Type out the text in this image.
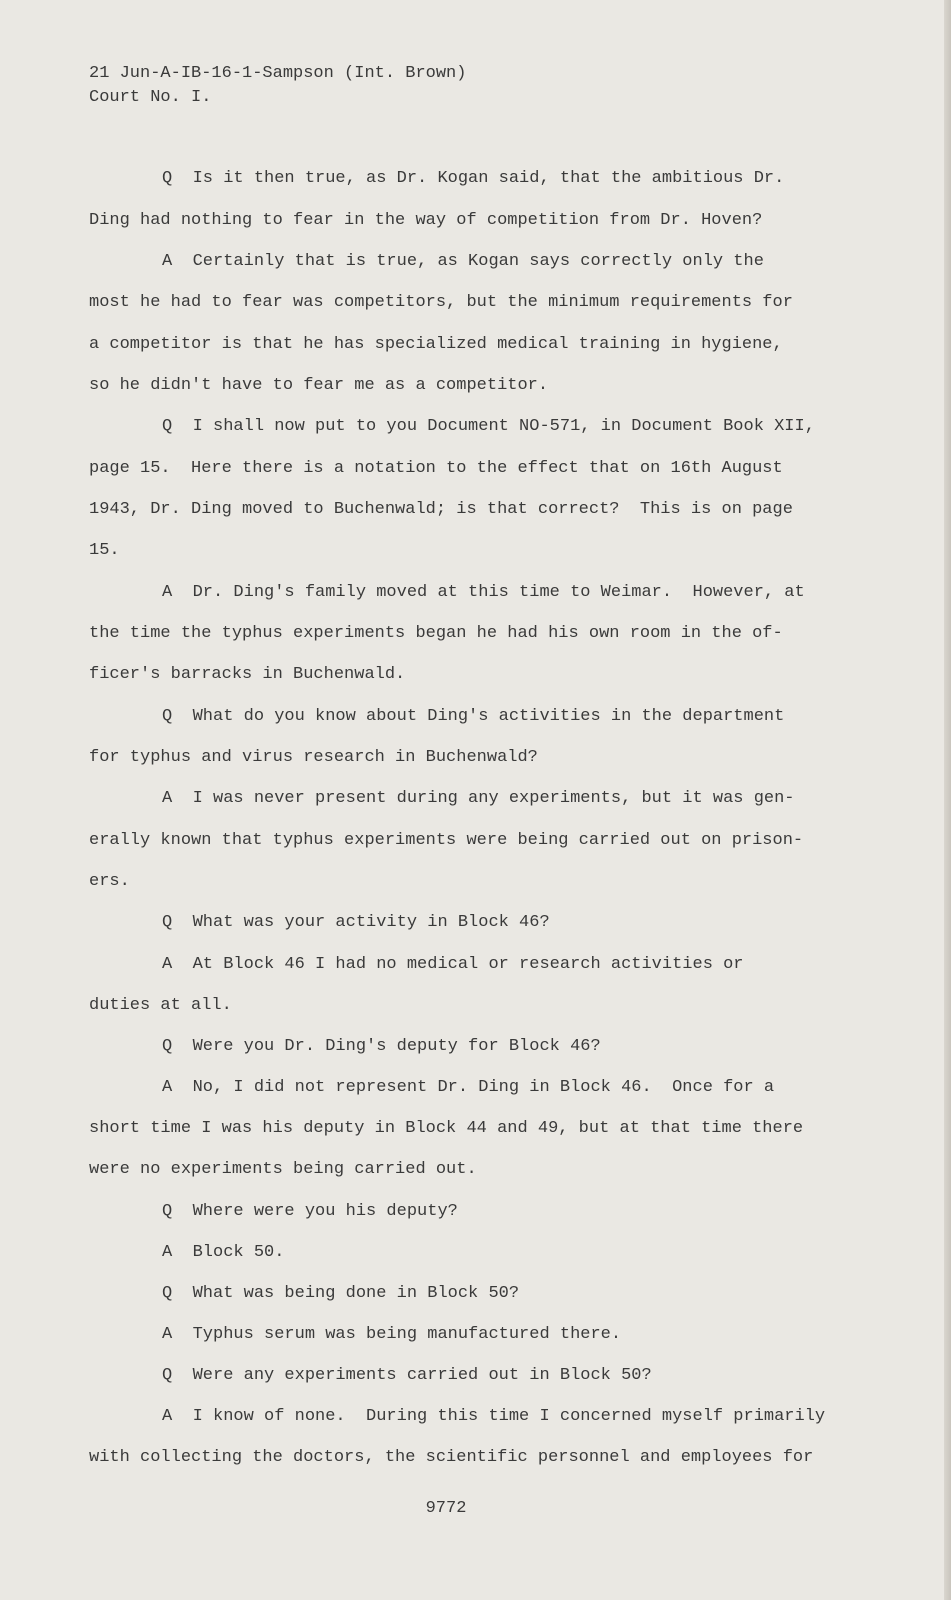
21 Jun-A-IB-16-1-Sampson (Int. Brown)
Court No. I.
Q  Is it then true, as Dr. Kogan said, that the ambitious Dr.
Ding had nothing to fear in the way of competition from Dr. Hoven?
A  Certainly that is true, as Kogan says correctly only the
most he had to fear was competitors, but the minimum requirements for
a competitor is that he has specialized medical training in hygiene,
so he didn't have to fear me as a competitor.
Q  I shall now put to you Document NO-571, in Document Book XII,
page 15.  Here there is a notation to the effect that on 16th August
1943, Dr. Ding moved to Buchenwald; is that correct?  This is on page
15.
A  Dr. Ding's family moved at this time to Weimar.  However, at
the time the typhus experiments began he had his own room in the of-
ficer's barracks in Buchenwald.
Q  What do you know about Ding's activities in the department
for typhus and virus research in Buchenwald?
A  I was never present during any experiments, but it was gen-
erally known that typhus experiments were being carried out on prison-
ers.
Q  What was your activity in Block 46?
A  At Block 46 I had no medical or research activities or
duties at all.
Q  Were you Dr. Ding's deputy for Block 46?
A  No, I did not represent Dr. Ding in Block 46.  Once for a
short time I was his deputy in Block 44 and 49, but at that time there
were no experiments being carried out.
Q  Where were you his deputy?
A  Block 50.
Q  What was being done in Block 50?
A  Typhus serum was being manufactured there.
Q  Were any experiments carried out in Block 50?
A  I know of none.  During this time I concerned myself primarily
with collecting the doctors, the scientific personnel and employees for
9772
